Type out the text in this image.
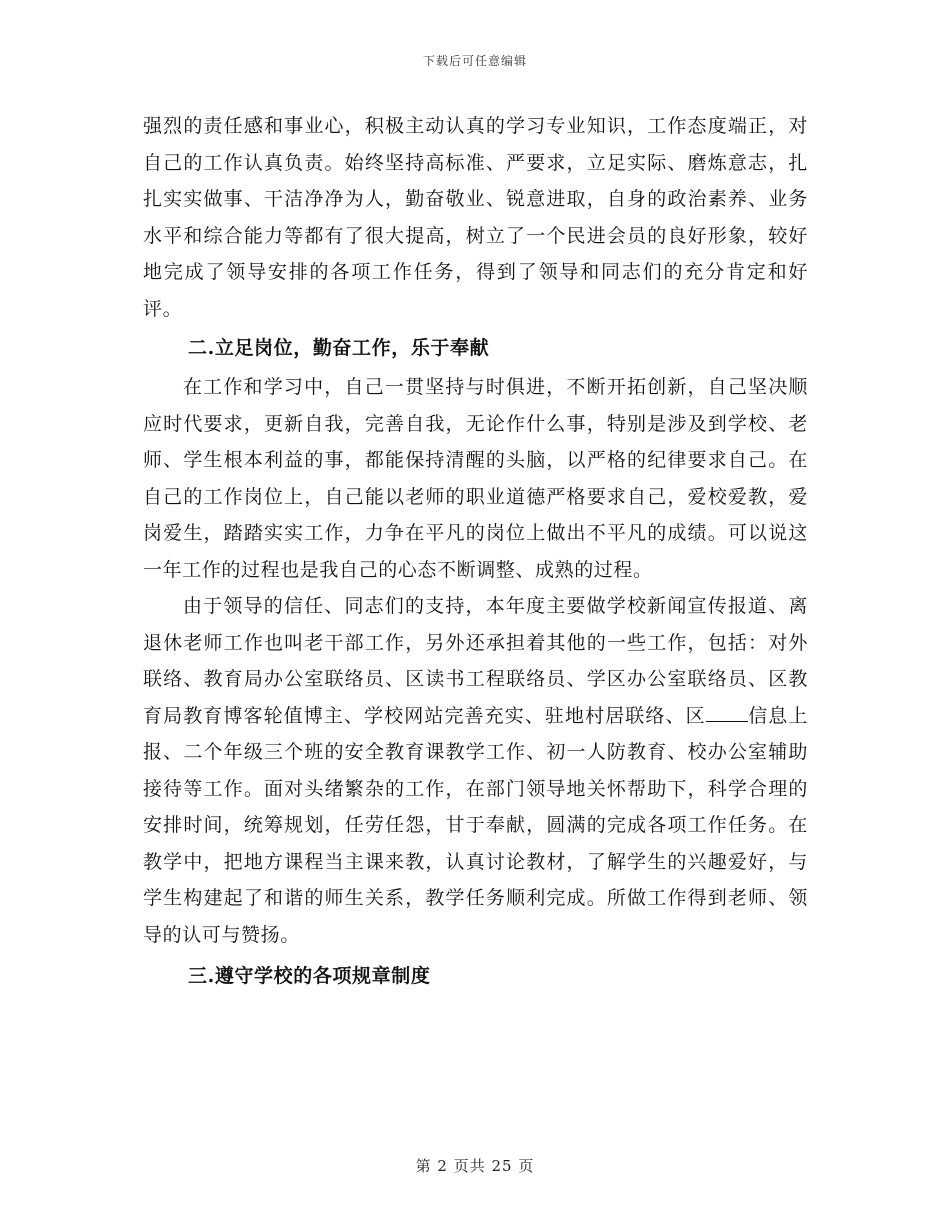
下载后可任意编辑

强烈的责任感和事业心，积极主动认真的学习专业知识，工作态度端正，对自己的工作认真负责。始终坚持高标准、严要求，立足实际、磨炼意志，扎扎实实做事、干洁净净为人，勤奋敬业、锐意进取，自身的政治素养、业务水平和综合能力等都有了很大提高，树立了一个民进会员的良好形象，较好地完成了领导安排的各项工作任务，得到了领导和同志们的充分肯定和好评。

二.立足岗位，勤奋工作，乐于奉献

在工作和学习中，自己一贯坚持与时俱进，不断开拓创新，自己坚决顺应时代要求，更新自我，完善自我，无论作什么事，特别是涉及到学校、老师、学生根本利益的事，都能保持清醒的头脑，以严格的纪律要求自己。在自己的工作岗位上，自己能以老师的职业道德严格要求自己，爱校爱教，爱岗爱生，踏踏实实工作，力争在平凡的岗位上做出不平凡的成绩。可以说这一年工作的过程也是我自己的心态不断调整、成熟的过程。

由于领导的信任、同志们的支持，本年度主要做学校新闻宣传报道、离退休老师工作也叫老干部工作，另外还承担着其他的一些工作，包括：对外联络、教育局办公室联络员、区读书工程联络员、学区办公室联络员、区教育局教育博客轮值博主、学校网站完善充实、驻地村居联络、区 信息上报、二个年级三个班的安全教育课教学工作、初一人防教育、校办公室辅助接待等工作。面对头绪繁杂的工作，在部门领导地关怀帮助下，科学合理的安排时间，统筹规划，任劳任怨，甘于奉献，圆满的完成各项工作任务。在教学中，把地方课程当主课来教，认真讨论教材，了解学生的兴趣爱好，与学生构建起了和谐的师生关系，教学任务顺利完成。所做工作得到老师、领导的认可与赞扬。

三.遵守学校的各项规章制度
第 2 页共 25 页
